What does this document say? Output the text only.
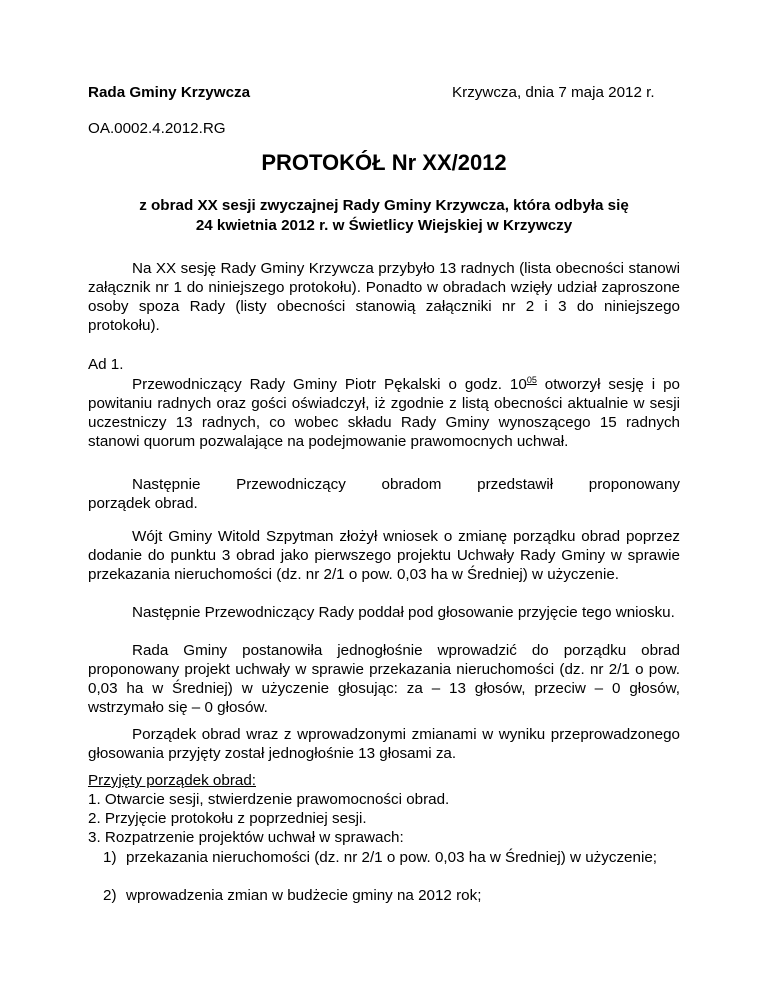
Rada Gminy Krzywcza	Krzywcza, dnia 7 maja 2012 r.
OA.0002.4.2012.RG
PROTOKÓŁ Nr XX/2012
z obrad XX sesji zwyczajnej Rady Gminy Krzywcza, która odbyła się
24 kwietnia 2012 r. w Świetlicy Wiejskiej w Krzywczy
Na XX sesję Rady Gminy Krzywcza przybyło 13 radnych (lista obecności stanowi załącznik nr 1 do niniejszego protokołu). Ponadto w obradach wzięły udział zaproszone osoby spoza Rady (listy obecności stanowią załączniki nr 2 i 3 do niniejszego protokołu).
Ad 1.
Przewodniczący Rady Gminy Piotr Pękalski o godz. $10^{05}$ otworzył sesję i po powitaniu radnych oraz gości oświadczył, iż zgodnie z listą obecności aktualnie w sesji uczestniczy 13 radnych, co wobec składu Rady Gminy wynoszącego 15 radnych stanowi quorum pozwalające na podejmowanie prawomocnych uchwał.
Następnie Przewodniczący obradom przedstawił proponowany
porządek obrad.
Wójt Gminy Witold Szpytman złożył wniosek o zmianę porządku obrad poprzez dodanie do punktu 3 obrad jako pierwszego projektu Uchwały Rady Gminy w sprawie przekazania nieruchomości (dz. nr 2/1 o pow. 0,03 ha w Średniej) w użyczenie.
Następnie Przewodniczący Rady poddał pod głosowanie przyjęcie tego wniosku.
Rada Gminy postanowiła jednogłośnie wprowadzić do porządku obrad proponowany projekt uchwały w sprawie przekazania nieruchomości (dz. nr 2/1 o pow. 0,03 ha w Średniej) w użyczenie głosując: za – 13 głosów, przeciw – 0 głosów, wstrzymało się – 0 głosów.
Porządek obrad wraz z wprowadzonymi zmianami w wyniku przeprowadzonego głosowania przyjęty został jednogłośnie 13 głosami za.
Przyjęty porządek obrad:
1. Otwarcie sesji, stwierdzenie prawomocności obrad.
2. Przyjęcie protokołu z poprzedniej sesji.
3. Rozpatrzenie projektów uchwał w sprawach:
1) przekazania nieruchomości (dz. nr 2/1 o pow. 0,03 ha w Średniej) w użyczenie;
2) wprowadzenia zmian w budżecie gminy na 2012 rok;
